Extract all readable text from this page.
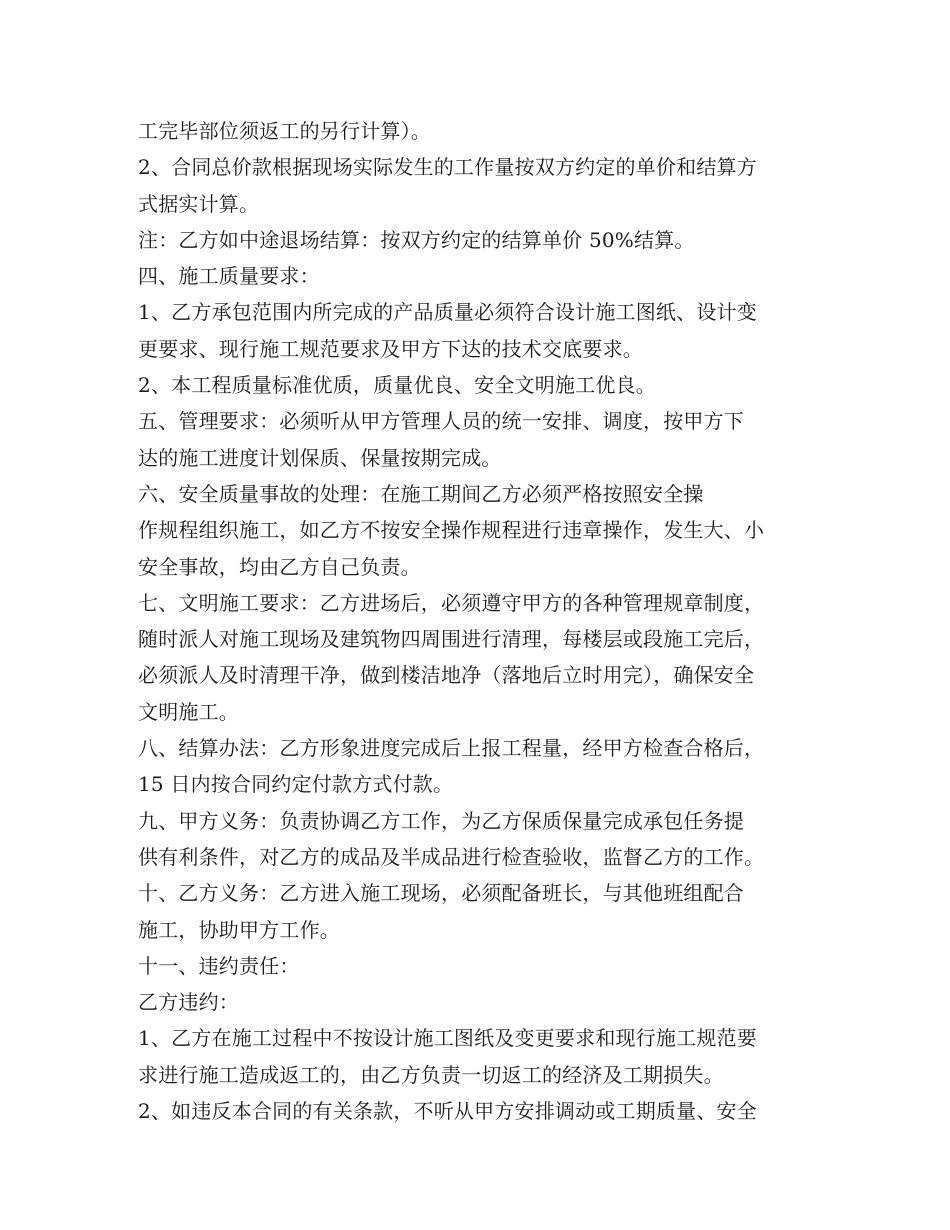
工完毕部位须返工的另行计算）。
2、合同总价款根据现场实际发生的工作量按双方约定的单价和结算方
式据实计算。
注：乙方如中途退场结算：按双方约定的结算单价 50%结算。
四、施工质量要求：
1、乙方承包范围内所完成的产品质量必须符合设计施工图纸、设计变
更要求、现行施工规范要求及甲方下达的技术交底要求。
2、本工程质量标准优质，质量优良、安全文明施工优良。
五、管理要求：必须听从甲方管理人员的统一安排、调度，按甲方下
达的施工进度计划保质、保量按期完成。
六、安全质量事故的处理：在施工期间乙方必须严格按照安全操
作规程组织施工，如乙方不按安全操作规程进行违章操作，发生大、小
安全事故，均由乙方自己负责。
七、文明施工要求：乙方进场后，必须遵守甲方的各种管理规章制度，
随时派人对施工现场及建筑物四周围进行清理，每楼层或段施工完后，
必须派人及时清理干净，做到楼洁地净（落地后立时用完），确保安全
文明施工。
八、结算办法：乙方形象进度完成后上报工程量，经甲方检查合格后，
15 日内按合同约定付款方式付款。
九、甲方义务：负责协调乙方工作，为乙方保质保量完成承包任务提
供有利条件，对乙方的成品及半成品进行检查验收，监督乙方的工作。
十、乙方义务：乙方进入施工现场，必须配备班长，与其他班组配合
施工，协助甲方工作。
十一、违约责任：
乙方违约：
1、乙方在施工过程中不按设计施工图纸及变更要求和现行施工规范要
求进行施工造成返工的，由乙方负责一切返工的经济及工期损失。
2、如违反本合同的有关条款，不听从甲方安排调动或工期质量、安全
